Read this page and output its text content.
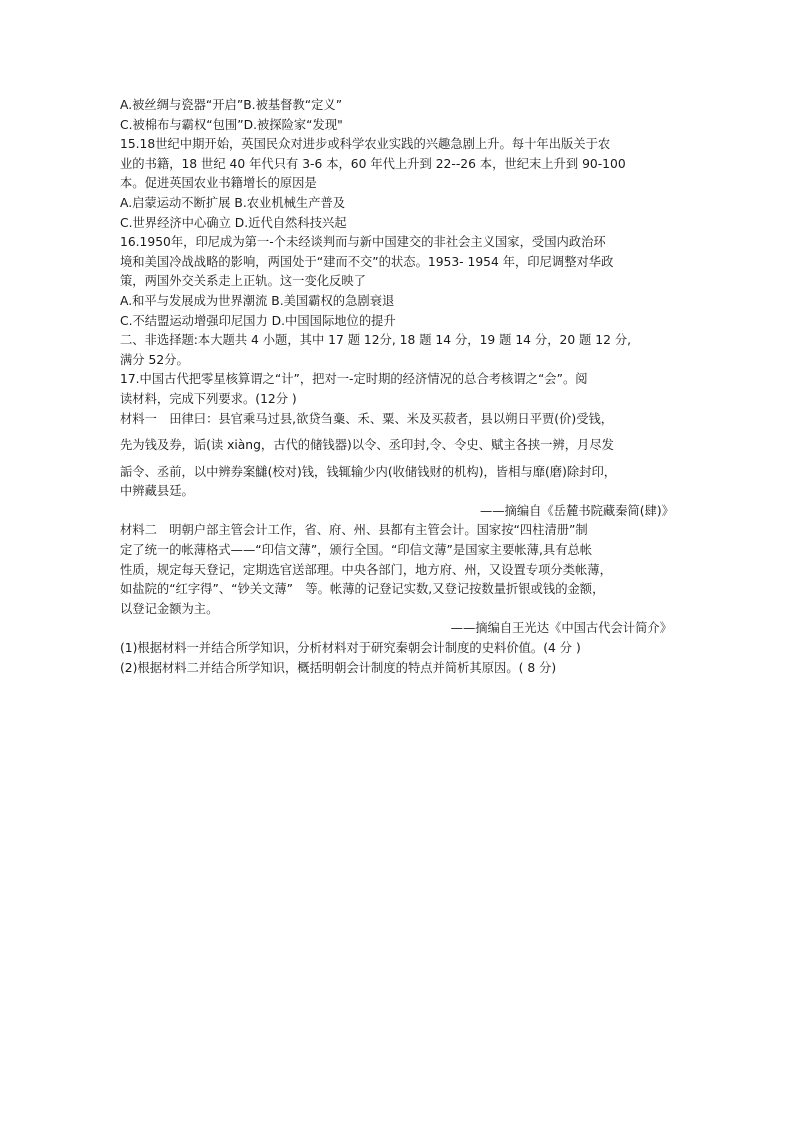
A.被丝绸与瓷器“开启”B.被基督教“定义”
C.被棉布与霸权“包围”D.被探险家“发现"
15.18世纪中期开始，英国民众对进步或科学农业实践的兴趣急剧上升。每十年出版关于农
业的书籍，18 世纪 40 年代只有 3-6 本，60 年代上升到 22--26 本，世纪末上升到 90-100
本。促进英国农业书籍增长的原因是
A.启蒙运动不断扩展 B.农业机械生产普及
C.世界经济中心确立 D.近代自然科技兴起
16.1950年，印尼成为第一-个未经谈判而与新中国建交的非社会主义国家，受国内政治环
境和美国冷战战略的影响，两国处于“建而不交”的状态。1953- 1954 年，印尼调整对华政
策，两国外交关系走上正轨。这一变化反映了
A.和平与发展成为世界潮流 B.美国霸权的急剧衰退
C.不结盟运动增强印尼国力 D.中国国际地位的提升
二、非选择题:本大题共 4 小题，其中 17 题 12分, 18 题 14 分，19 题 14 分，20 题 12 分,
满分 52分。
17.中国古代把零星核算谓之“计”，把对一-定时期的经济情况的总合考核谓之“会”。阅
读材料，完成下列要求。(12分 )
材料一　田律曰：县官乘马过县,欲贷刍稾、禾、粟、米及买菽者，县以朔日平贾(价)受钱，
先为钱及券，诟(读 xiàng，古代的储钱器)以令、丞印封,令、令史、赋主各挟一辨，月尽发
詬令、丞前，以中辨券案讎(校对)钱，钱辄输少内(收储钱财的机构)，皆相与靡(磨)除封印，
中辨藏县廷。
——摘编自《岳麓书院藏秦简(肆)》
材料二　明朝户部主管会计工作，省、府、州、县都有主管会计。国家按“四柱清册”制
定了统一的帐薄格式——“印信文薄”，颁行全国。“印信文薄”是国家主要帐薄,具有总帐
性质，规定每天登记，定期选官送部理。中央各部门，地方府、州，又设置专项分类帐薄，
如盐院的“红字得”、“钞关文薄”　等。帐薄的记登记实数,又登记按数量折银或钱的金额，
以登记金额为主。
——摘编自王光达《中国古代会计简介》
(1)根据材料一并结合所学知识，分析材料对于研究秦朝会计制度的史料价值。(4 分 )
(2)根据材料二并结合所学知识，概括明朝会计制度的特点并简析其原因。( 8 分)
